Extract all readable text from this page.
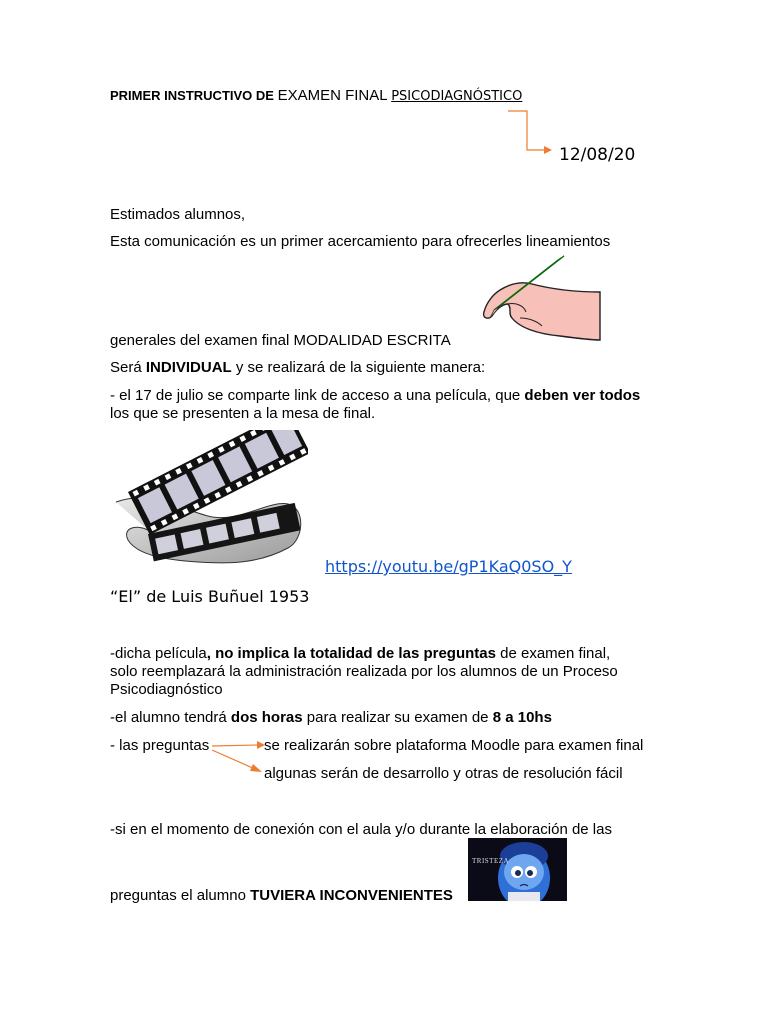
PRIMER INSTRUCTIVO DE EXAMEN FINAL PSICODIAGNÓSTICO
12/08/20
Estimados alumnos,
Esta comunicación es un primer acercamiento para ofrecerles lineamientos
generales del examen final MODALIDAD ESCRITA
Será INDIVIDUAL y se realizará de la siguiente manera:
- el 17 de julio se comparte link de acceso a una película, que deben ver todos
los que se presenten a la mesa de final.
https://youtu.be/gP1KaQ0SO_Y
“El” de Luis Buñuel 1953
-dicha película, no implica la totalidad de las preguntas de examen final,
solo reemplazará la administración realizada por los alumnos de un Proceso
Psicodiagnóstico
-el alumno tendrá dos horas para realizar su examen de 8 a 10hs
- las preguntas	se realizarán sobre plataforma Moodle para examen final
algunas serán de desarrollo y otras de resolución fácil
-si en el momento de conexión con el aula y/o durante la elaboración de las
preguntas el alumno TUVIERA INCONVENIENTES
TRISTEZA
